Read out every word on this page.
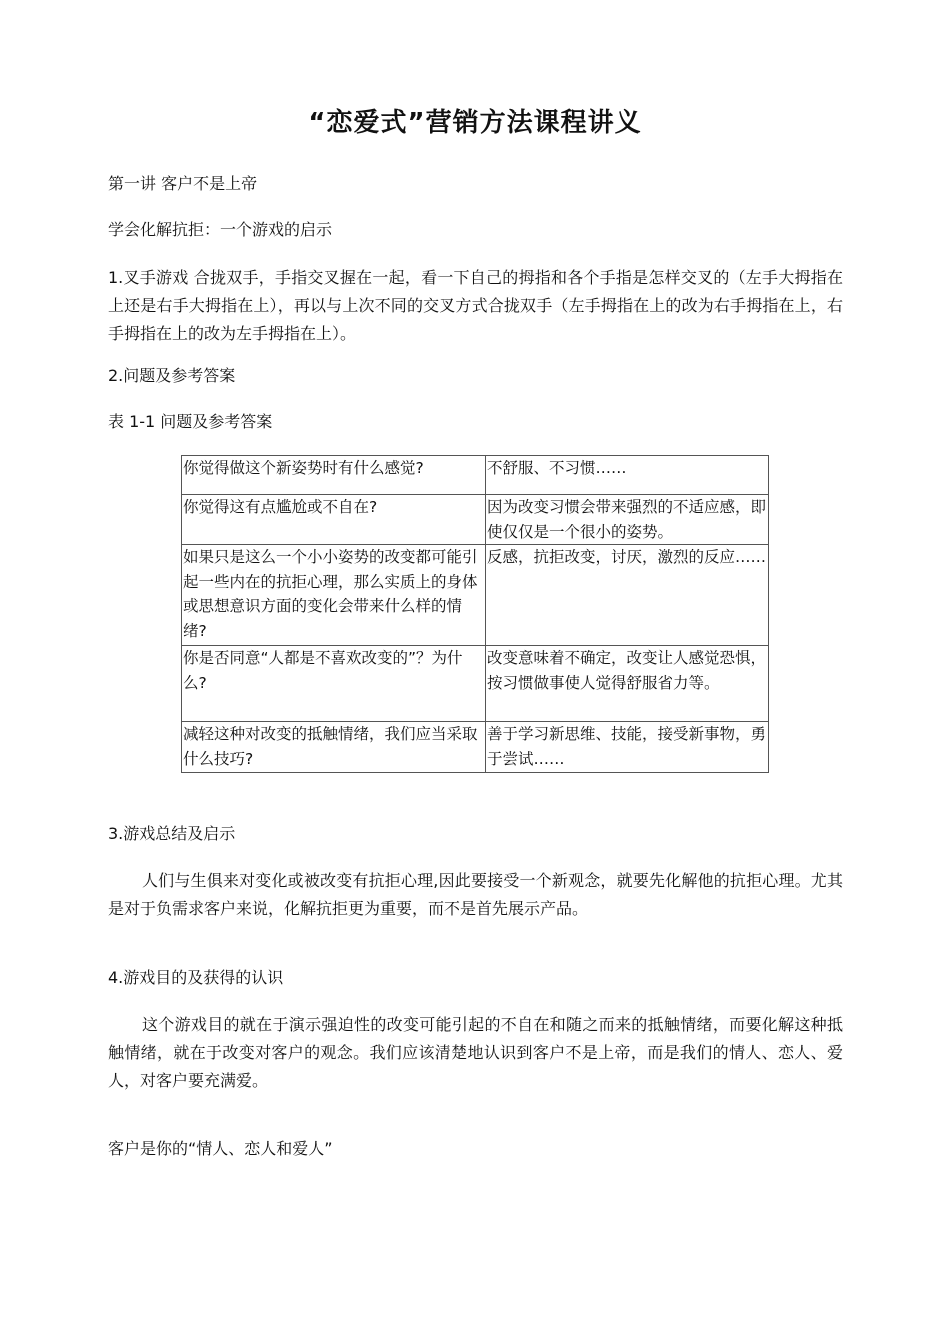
“恋爱式”营销方法课程讲义
第一讲 客户不是上帝
学会化解抗拒：一个游戏的启示
1.叉手游戏 合拢双手，手指交叉握在一起，看一下自己的拇指和各个手指是怎样交叉的（左手大拇指在上还是右手大拇指在上），再以与上次不同的交叉方式合拢双手（左手拇指在上的改为右手拇指在上，右手拇指在上的改为左手拇指在上）。
2.问题及参考答案
表 1-1 问题及参考答案
你觉得做这个新姿势时有什么感觉?	不舒服、不习惯……
你觉得这有点尴尬或不自在?	因为改变习惯会带来强烈的不适应感，即使仅仅是一个很小的姿势。
如果只是这么一个小小姿势的改变都可能引起一些内在的抗拒心理，那么实质上的身体或思想意识方面的变化会带来什么样的情绪?	反感，抗拒改变，讨厌，激烈的反应……
你是否同意“人都是不喜欢改变的”？为什么?	改变意味着不确定，改变让人感觉恐惧，按习惯做事使人觉得舒服省力等。
减轻这种对改变的抵触情绪，我们应当采取什么技巧?	善于学习新思维、技能，接受新事物，勇于尝试……
3.游戏总结及启示
人们与生俱来对变化或被改变有抗拒心理,因此要接受一个新观念，就要先化解他的抗拒心理。尤其是对于负需求客户来说，化解抗拒更为重要，而不是首先展示产品。
4.游戏目的及获得的认识
这个游戏目的就在于演示强迫性的改变可能引起的不自在和随之而来的抵触情绪，而要化解这种抵触情绪，就在于改变对客户的观念。我们应该清楚地认识到客户不是上帝，而是我们的情人、恋人、爱人，对客户要充满爱。
客户是你的“情人、恋人和爱人”
